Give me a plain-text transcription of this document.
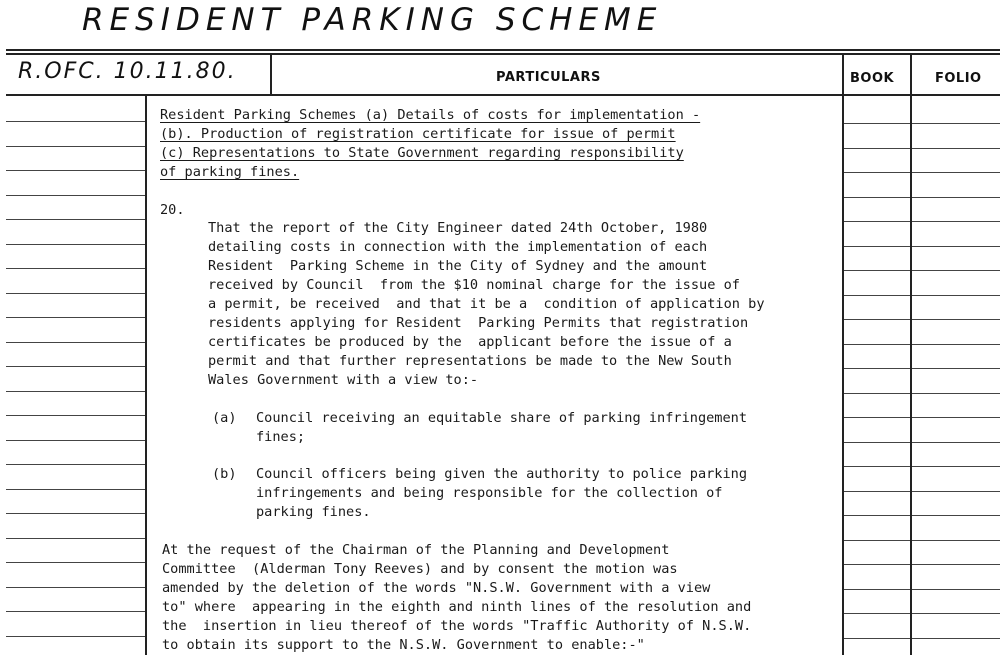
RESIDENT PARKING SCHEME
R.OFC. 10.11.80.	PARTICULARS	BOOK	FOLIO
Resident Parking Schemes (a) Details of costs for implementation -
(b). Production of registration certificate for issue of permit
(c) Representations to State Government regarding responsibility
of parking fines.
20.
That the report of the City Engineer dated 24th October, 1980
detailing costs in connection with the implementation of each
Resident  Parking Scheme in the City of Sydney and the amount
received by Council  from the $10 nominal charge for the issue of
a permit, be received  and that it be a  condition of application by
residents applying for Resident  Parking Permits that registration
certificates be produced by the  applicant before the issue of a
permit and that further representations be made to the New South
Wales Government with a view to:-
(a) Council receiving an equitable share of parking infringement
fines;
(b) Council officers being given the authority to police parking
infringements and being responsible for the collection of
parking fines.
At the request of the Chairman of the Planning and Development
Committee  (Alderman Tony Reeves) and by consent the motion was
amended by the deletion of the words "N.S.W. Government with a view
to" where  appearing in the eighth and ninth lines of the resolution and
the  insertion in lieu thereof of the words "Traffic Authority of N.S.W.
to obtain its support to the N.S.W. Government to enable:-"
